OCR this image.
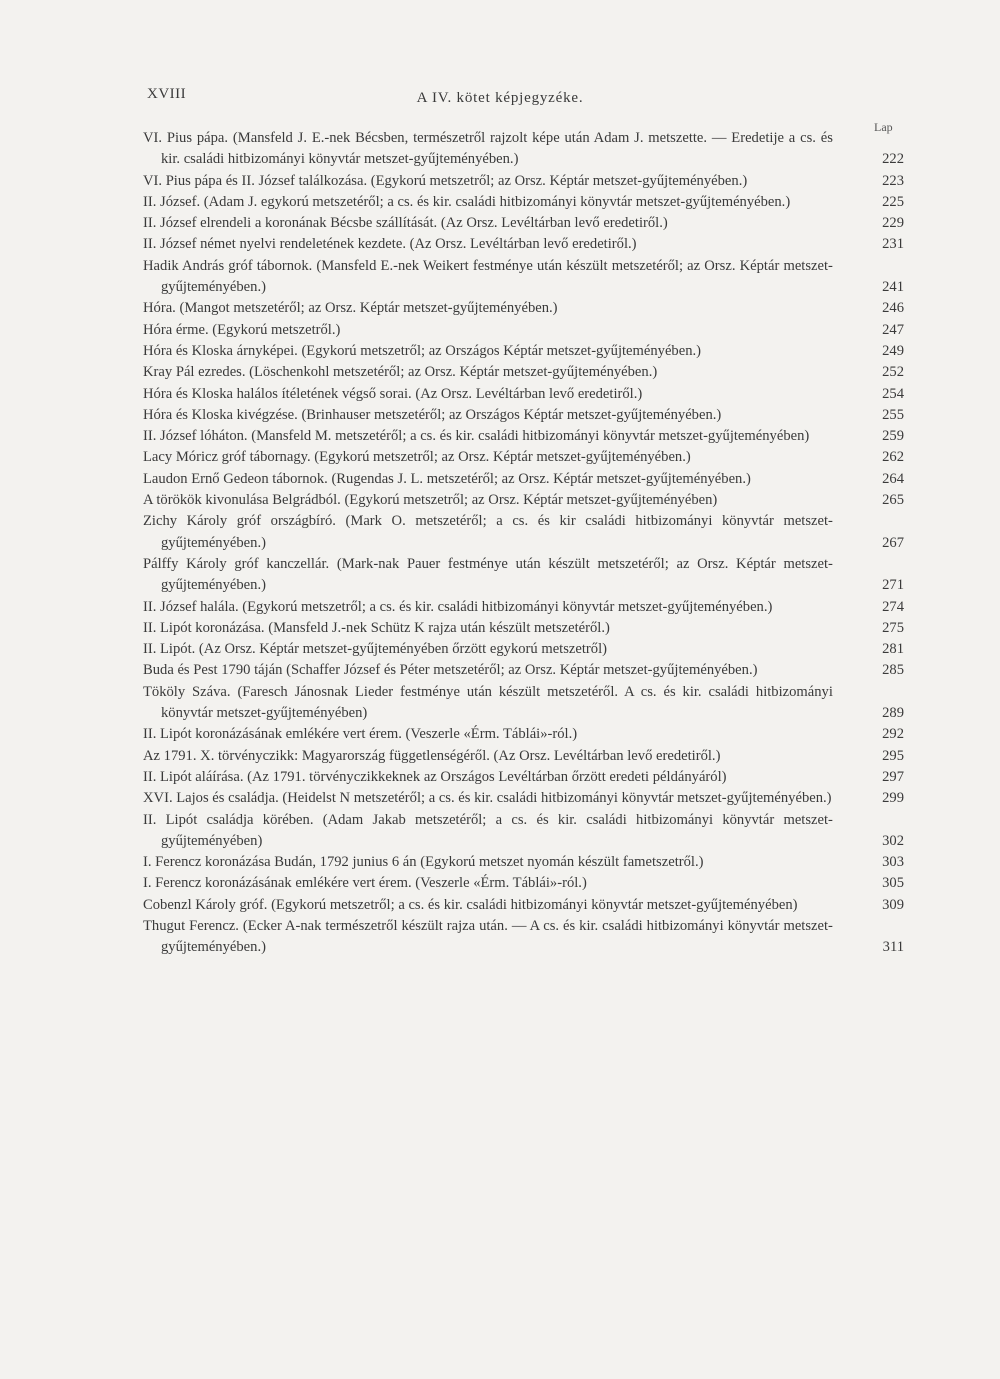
XVIII	A IV. kötet képjegyzéke.
Lap
VI. Pius pápa. (Mansfeld J. E.-nek Bécsben, természetről rajzolt képe után Adam J. metszette. — Eredetije a cs. és kir. családi hitbizományi könyvtár metszet-gyűjteményében.)	222
VI. Pius pápa és II. József találkozása. (Egykorú metszetről; az Orsz. Képtár metszet-gyűjteményében.)	223
II. József. (Adam J. egykorú metszetéről; a cs. és kir. családi hitbizományi könyvtár metszet-gyűjteményében.)	225
II. József elrendeli a koronának Bécsbe szállítását. (Az Orsz. Levéltárban levő eredetiről.)	229
II. József német nyelvi rendeletének kezdete. (Az Orsz. Levéltárban levő eredetiről.)	231
Hadik András gróf tábornok. (Mansfeld E.-nek Weikert festménye után készült metszetéről; az Orsz. Képtár metszet-gyűjteményében.)	241
Hóra. (Mangot metszetéről; az Orsz. Képtár metszet-gyűjteményében.)	246
Hóra érme. (Egykorú metszetről.)	247
Hóra és Kloska árnyképei. (Egykorú metszetről; az Országos Képtár metszet-gyűjteményében.)	249
Kray Pál ezredes. (Löschenkohl metszetéről; az Orsz. Képtár metszet-gyűjteményében.)	252
Hóra és Kloska halálos ítéletének végső sorai. (Az Orsz. Levéltárban levő eredetiről.)	254
Hóra és Kloska kivégzése. (Brinhauser metszetéről; az Országos Képtár metszet-gyűjteményében.)	255
II. József lóháton. (Mansfeld M. metszetéről; a cs. és kir. családi hitbizományi könyvtár metszet-gyűjteményében)	259
Lacy Móricz gróf tábornagy. (Egykorú metszetről; az Orsz. Képtár metszet-gyűjteményében.)	262
Laudon Ernő Gedeon tábornok. (Rugendas J. L. metszetéről; az Orsz. Képtár metszet-gyűjteményében.)	264
A törökök kivonulása Belgrádból. (Egykorú metszetről; az Orsz. Képtár metszet-gyűjteményében)	265
Zichy Károly gróf országbíró. (Mark O. metszetéről; a cs. és kir családi hitbizományi könyvtár metszet-gyűjteményében.)	267
Pálffy Károly gróf kanczellár. (Mark-nak Pauer festménye után készült metszetéről; az Orsz. Képtár metszet-gyűjteményében.)	271
II. József halála. (Egykorú metszetről; a cs. és kir. családi hitbizományi könyvtár metszet-gyűjteményében.)	274
II. Lipót koronázása. (Mansfeld J.-nek Schütz K rajza után készült metszetéről.)	275
II. Lipót. (Az Orsz. Képtár metszet-gyűjteményében őrzött egykorú metszetről)	281
Buda és Pest 1790 táján (Schaffer József és Péter metszetéről; az Orsz. Képtár metszet-gyűjteményében.)	285
Tököly Száva. (Faresch Jánosnak Lieder festménye után készült metszetéről. A cs. és kir. családi hitbizományi könyvtár metszet-gyűjteményében)	289
II. Lipót koronázásának emlékére vert érem. (Veszerle «Érm. Táblái»-ról.)	292
Az 1791. X. törvényczikk: Magyarország függetlenségéről. (Az Orsz. Levéltárban levő eredetiről.)	295
II. Lipót aláírása. (Az 1791. törvényczikkeknek az Országos Levéltárban őrzött eredeti példányáról)	297
XVI. Lajos és családja. (Heidelst N metszetéről; a cs. és kir. családi hitbizományi könyvtár metszet-gyűjteményében.)	299
II. Lipót családja körében. (Adam Jakab metszetéről; a cs. és kir. családi hitbizományi könyvtár metszet-gyűjteményében)	302
I. Ferencz koronázása Budán, 1792 junius 6 án (Egykorú metszet nyomán készült fametszetről.)	303
I. Ferencz koronázásának emlékére vert érem. (Veszerle «Érm. Táblái»-ról.)	305
Cobenzl Károly gróf. (Egykorú metszetről; a cs. és kir. családi hitbizományi könyvtár metszet-gyűjteményében)	309
Thugut Ferencz. (Ecker A-nak természetről készült rajza után. — A cs. és kir. családi hitbizományi könyvtár metszet-gyűjteményében.)	311
